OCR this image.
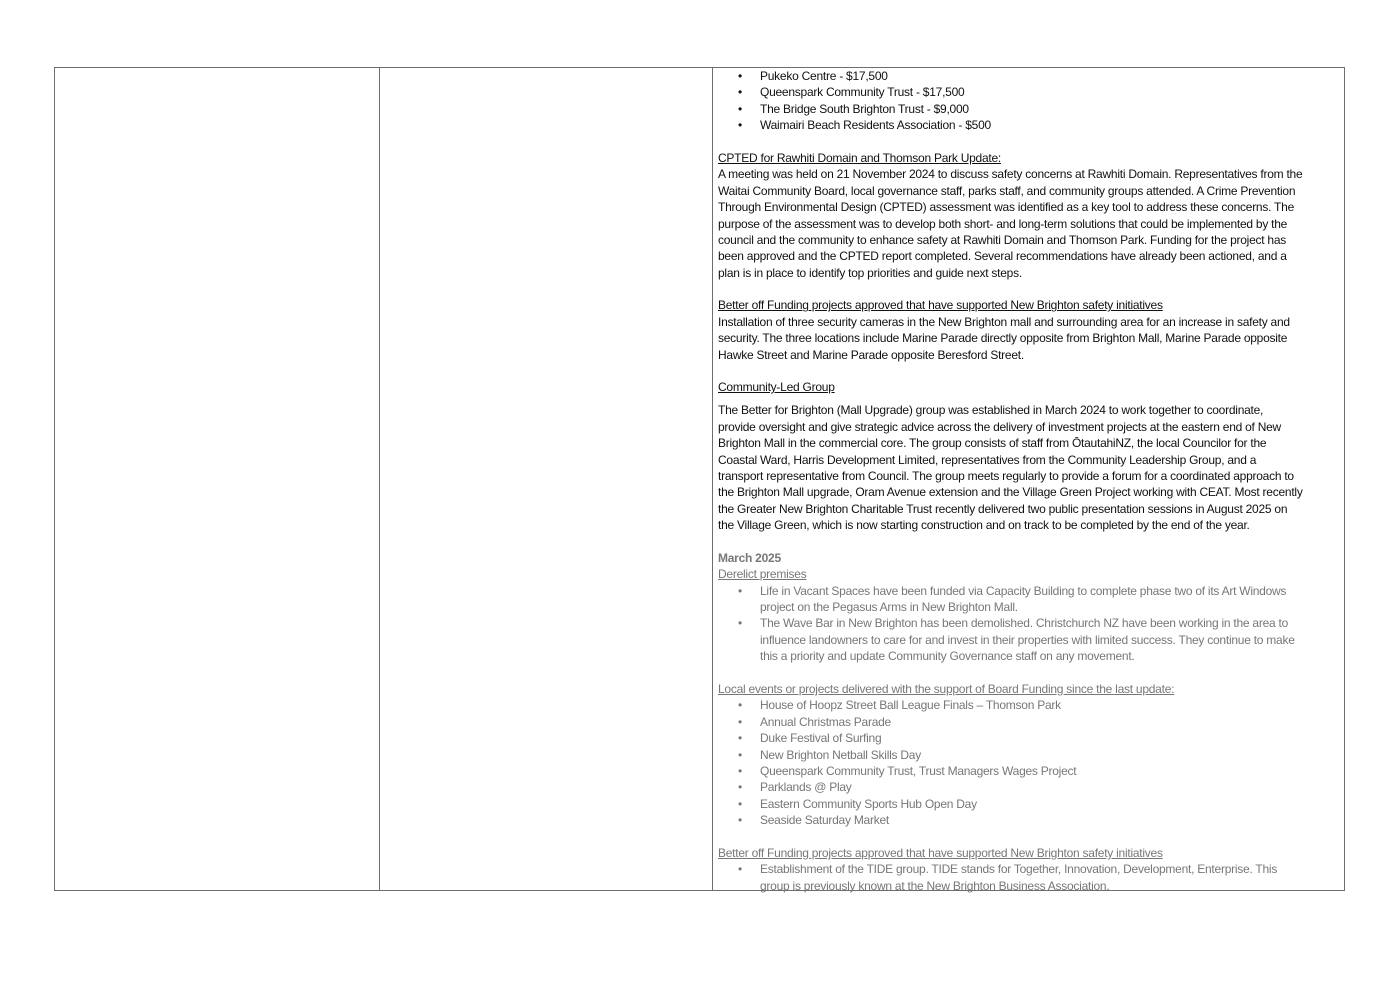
• Pukeko Centre - $17,500
• Queenspark Community Trust - $17,500
• The Bridge South Brighton Trust - $9,000
• Waimairi Beach Residents Association - $500
CPTED for Rawhiti Domain and Thomson Park Update:
A meeting was held on 21 November 2024 to discuss safety concerns at Rawhiti Domain. Representatives from the
Waitai Community Board, local governance staff, parks staff, and community groups attended. A Crime Prevention
Through Environmental Design (CPTED) assessment was identified as a key tool to address these concerns. The
purpose of the assessment was to develop both short- and long-term solutions that could be implemented by the
council and the community to enhance safety at Rawhiti Domain and Thomson Park. Funding for the project has
been approved and the CPTED report completed. Several recommendations have already been actioned, and a
plan is in place to identify top priorities and guide next steps.
Better off Funding projects approved that have supported New Brighton safety initiatives
Installation of three security cameras in the New Brighton mall and surrounding area for an increase in safety and
security. The three locations include Marine Parade directly opposite from Brighton Mall, Marine Parade opposite
Hawke Street and Marine Parade opposite Beresford Street.
Community-Led Group
The Better for Brighton (Mall Upgrade) group was established in March 2024 to work together to coordinate,
provide oversight and give strategic advice across the delivery of investment projects at the eastern end of New
Brighton Mall in the commercial core. The group consists of staff from ŌtautahiNZ, the local Councilor for the
Coastal Ward, Harris Development Limited, representatives from the Community Leadership Group, and a
transport representative from Council. The group meets regularly to provide a forum for a coordinated approach to
the Brighton Mall upgrade, Oram Avenue extension and the Village Green Project working with CEAT. Most recently
the Greater New Brighton Charitable Trust recently delivered two public presentation sessions in August 2025 on
the Village Green, which is now starting construction and on track to be completed by the end of the year.
March 2025
Derelict premises
• Life in Vacant Spaces have been funded via Capacity Building to complete phase two of its Art Windows
project on the Pegasus Arms in New Brighton Mall.
• The Wave Bar in New Brighton has been demolished. Christchurch NZ have been working in the area to
influence landowners to care for and invest in their properties with limited success. They continue to make
this a priority and update Community Governance staff on any movement.
Local events or projects delivered with the support of Board Funding since the last update:
• House of Hoopz Street Ball League Finals – Thomson Park
• Annual Christmas Parade
• Duke Festival of Surfing
• New Brighton Netball Skills Day
• Queenspark Community Trust, Trust Managers Wages Project
• Parklands @ Play
• Eastern Community Sports Hub Open Day
• Seaside Saturday Market
Better off Funding projects approved that have supported New Brighton safety initiatives
• Establishment of the TIDE group. TIDE stands for Together, Innovation, Development, Enterprise. This
group is previously known at the New Brighton Business Association.
